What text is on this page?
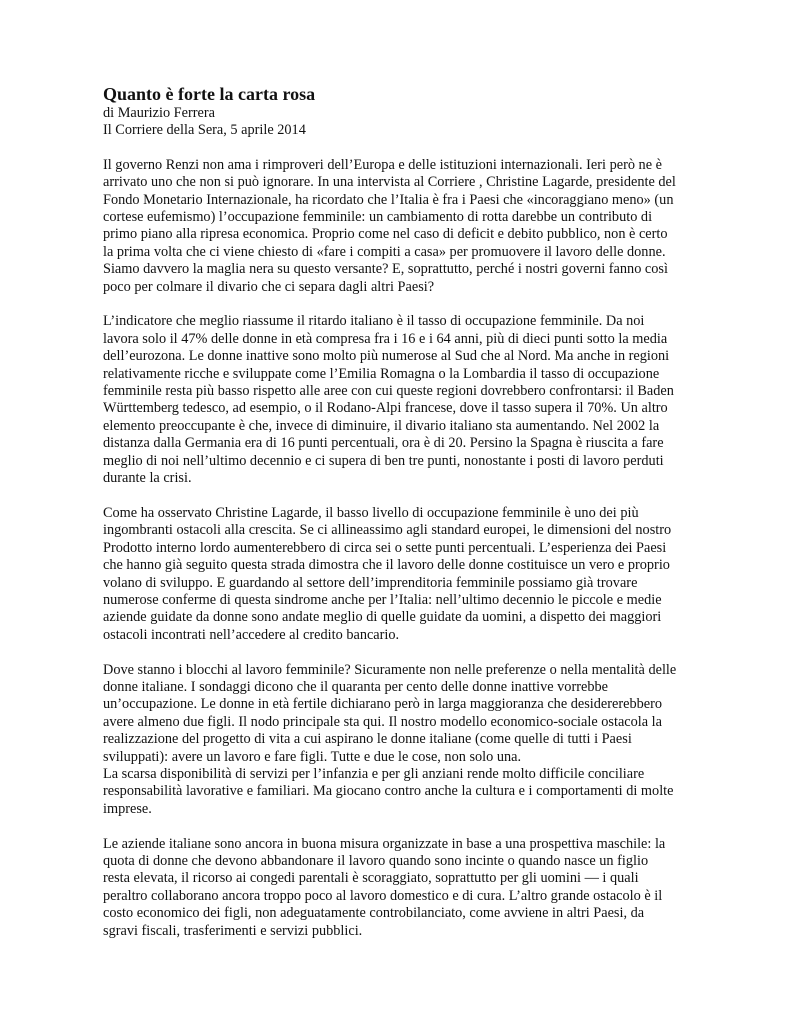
Quanto è forte la carta rosa

di Maurizio Ferrera

Il Corriere della Sera, 5 aprile 2014

Il governo Renzi non ama i rimproveri dell’Europa e delle istituzioni internazionali. Ieri però ne è
arrivato uno che non si può ignorare. In una intervista al Corriere , Christine Lagarde, presidente del
Fondo Monetario Internazionale, ha ricordato che l’Italia è fra i Paesi che «incoraggiano meno» (un
cortese eufemismo) l’occupazione femminile: un cambiamento di rotta darebbe un contributo di
primo piano alla ripresa economica. Proprio come nel caso di deficit e debito pubblico, non è certo
la prima volta che ci viene chiesto di «fare i compiti a casa» per promuovere il lavoro delle donne.
Siamo davvero la maglia nera su questo versante? E, soprattutto, perché i nostri governi fanno così
poco per colmare il divario che ci separa dagli altri Paesi?
L’indicatore che meglio riassume il ritardo italiano è il tasso di occupazione femminile. Da noi
lavora solo il 47% delle donne in età compresa fra i 16 e i 64 anni, più di dieci punti sotto la media
dell’eurozona. Le donne inattive sono molto più numerose al Sud che al Nord. Ma anche in regioni
relativamente ricche e sviluppate come l’Emilia Romagna o la Lombardia il tasso di occupazione
femminile resta più basso rispetto alle aree con cui queste regioni dovrebbero confrontarsi: il Baden
Württemberg tedesco, ad esempio, o il Rodano-Alpi francese, dove il tasso supera il 70%. Un altro
elemento preoccupante è che, invece di diminuire, il divario italiano sta aumentando. Nel 2002 la
distanza dalla Germania era di 16 punti percentuali, ora è di 20. Persino la Spagna è riuscita a fare
meglio di noi nell’ultimo decennio e ci supera di ben tre punti, nonostante i posti di lavoro perduti
durante la crisi.
Come ha osservato Christine Lagarde, il basso livello di occupazione femminile è uno dei più
ingombranti ostacoli alla crescita. Se ci allineassimo agli standard europei, le dimensioni del nostro
Prodotto interno lordo aumenterebbero di circa sei o sette punti percentuali. L’esperienza dei Paesi
che hanno già seguito questa strada dimostra che il lavoro delle donne costituisce un vero e proprio
volano di sviluppo. E guardando al settore dell’imprenditoria femminile possiamo già trovare
numerose conferme di questa sindrome anche per l’Italia: nell’ultimo decennio le piccole e medie
aziende guidate da donne sono andate meglio di quelle guidate da uomini, a dispetto dei maggiori
ostacoli incontrati nell’accedere al credito bancario.
Dove stanno i blocchi al lavoro femminile? Sicuramente non nelle preferenze o nella mentalità delle
donne italiane. I sondaggi dicono che il quaranta per cento delle donne inattive vorrebbe
un’occupazione. Le donne in età fertile dichiarano però in larga maggioranza che desidererebbero
avere almeno due figli. Il nodo principale sta qui. Il nostro modello economico-sociale ostacola la
realizzazione del progetto di vita a cui aspirano le donne italiane (come quelle di tutti i Paesi
sviluppati): avere un lavoro e fare figli. Tutte e due le cose, non solo una.
La scarsa disponibilità di servizi per l’infanzia e per gli anziani rende molto difficile conciliare
responsabilità lavorative e familiari. Ma giocano contro anche la cultura e i comportamenti di molte
imprese.
Le aziende italiane sono ancora in buona misura organizzate in base a una prospettiva maschile: la
quota di donne che devono abbandonare il lavoro quando sono incinte o quando nasce un figlio
resta elevata, il ricorso ai congedi parentali è scoraggiato, soprattutto per gli uomini — i quali
peraltro collaborano ancora troppo poco al lavoro domestico e di cura. L’altro grande ostacolo è il
costo economico dei figli, non adeguatamente controbilanciato, come avviene in altri Paesi, da
sgravi fiscali, trasferimenti e servizi pubblici.
